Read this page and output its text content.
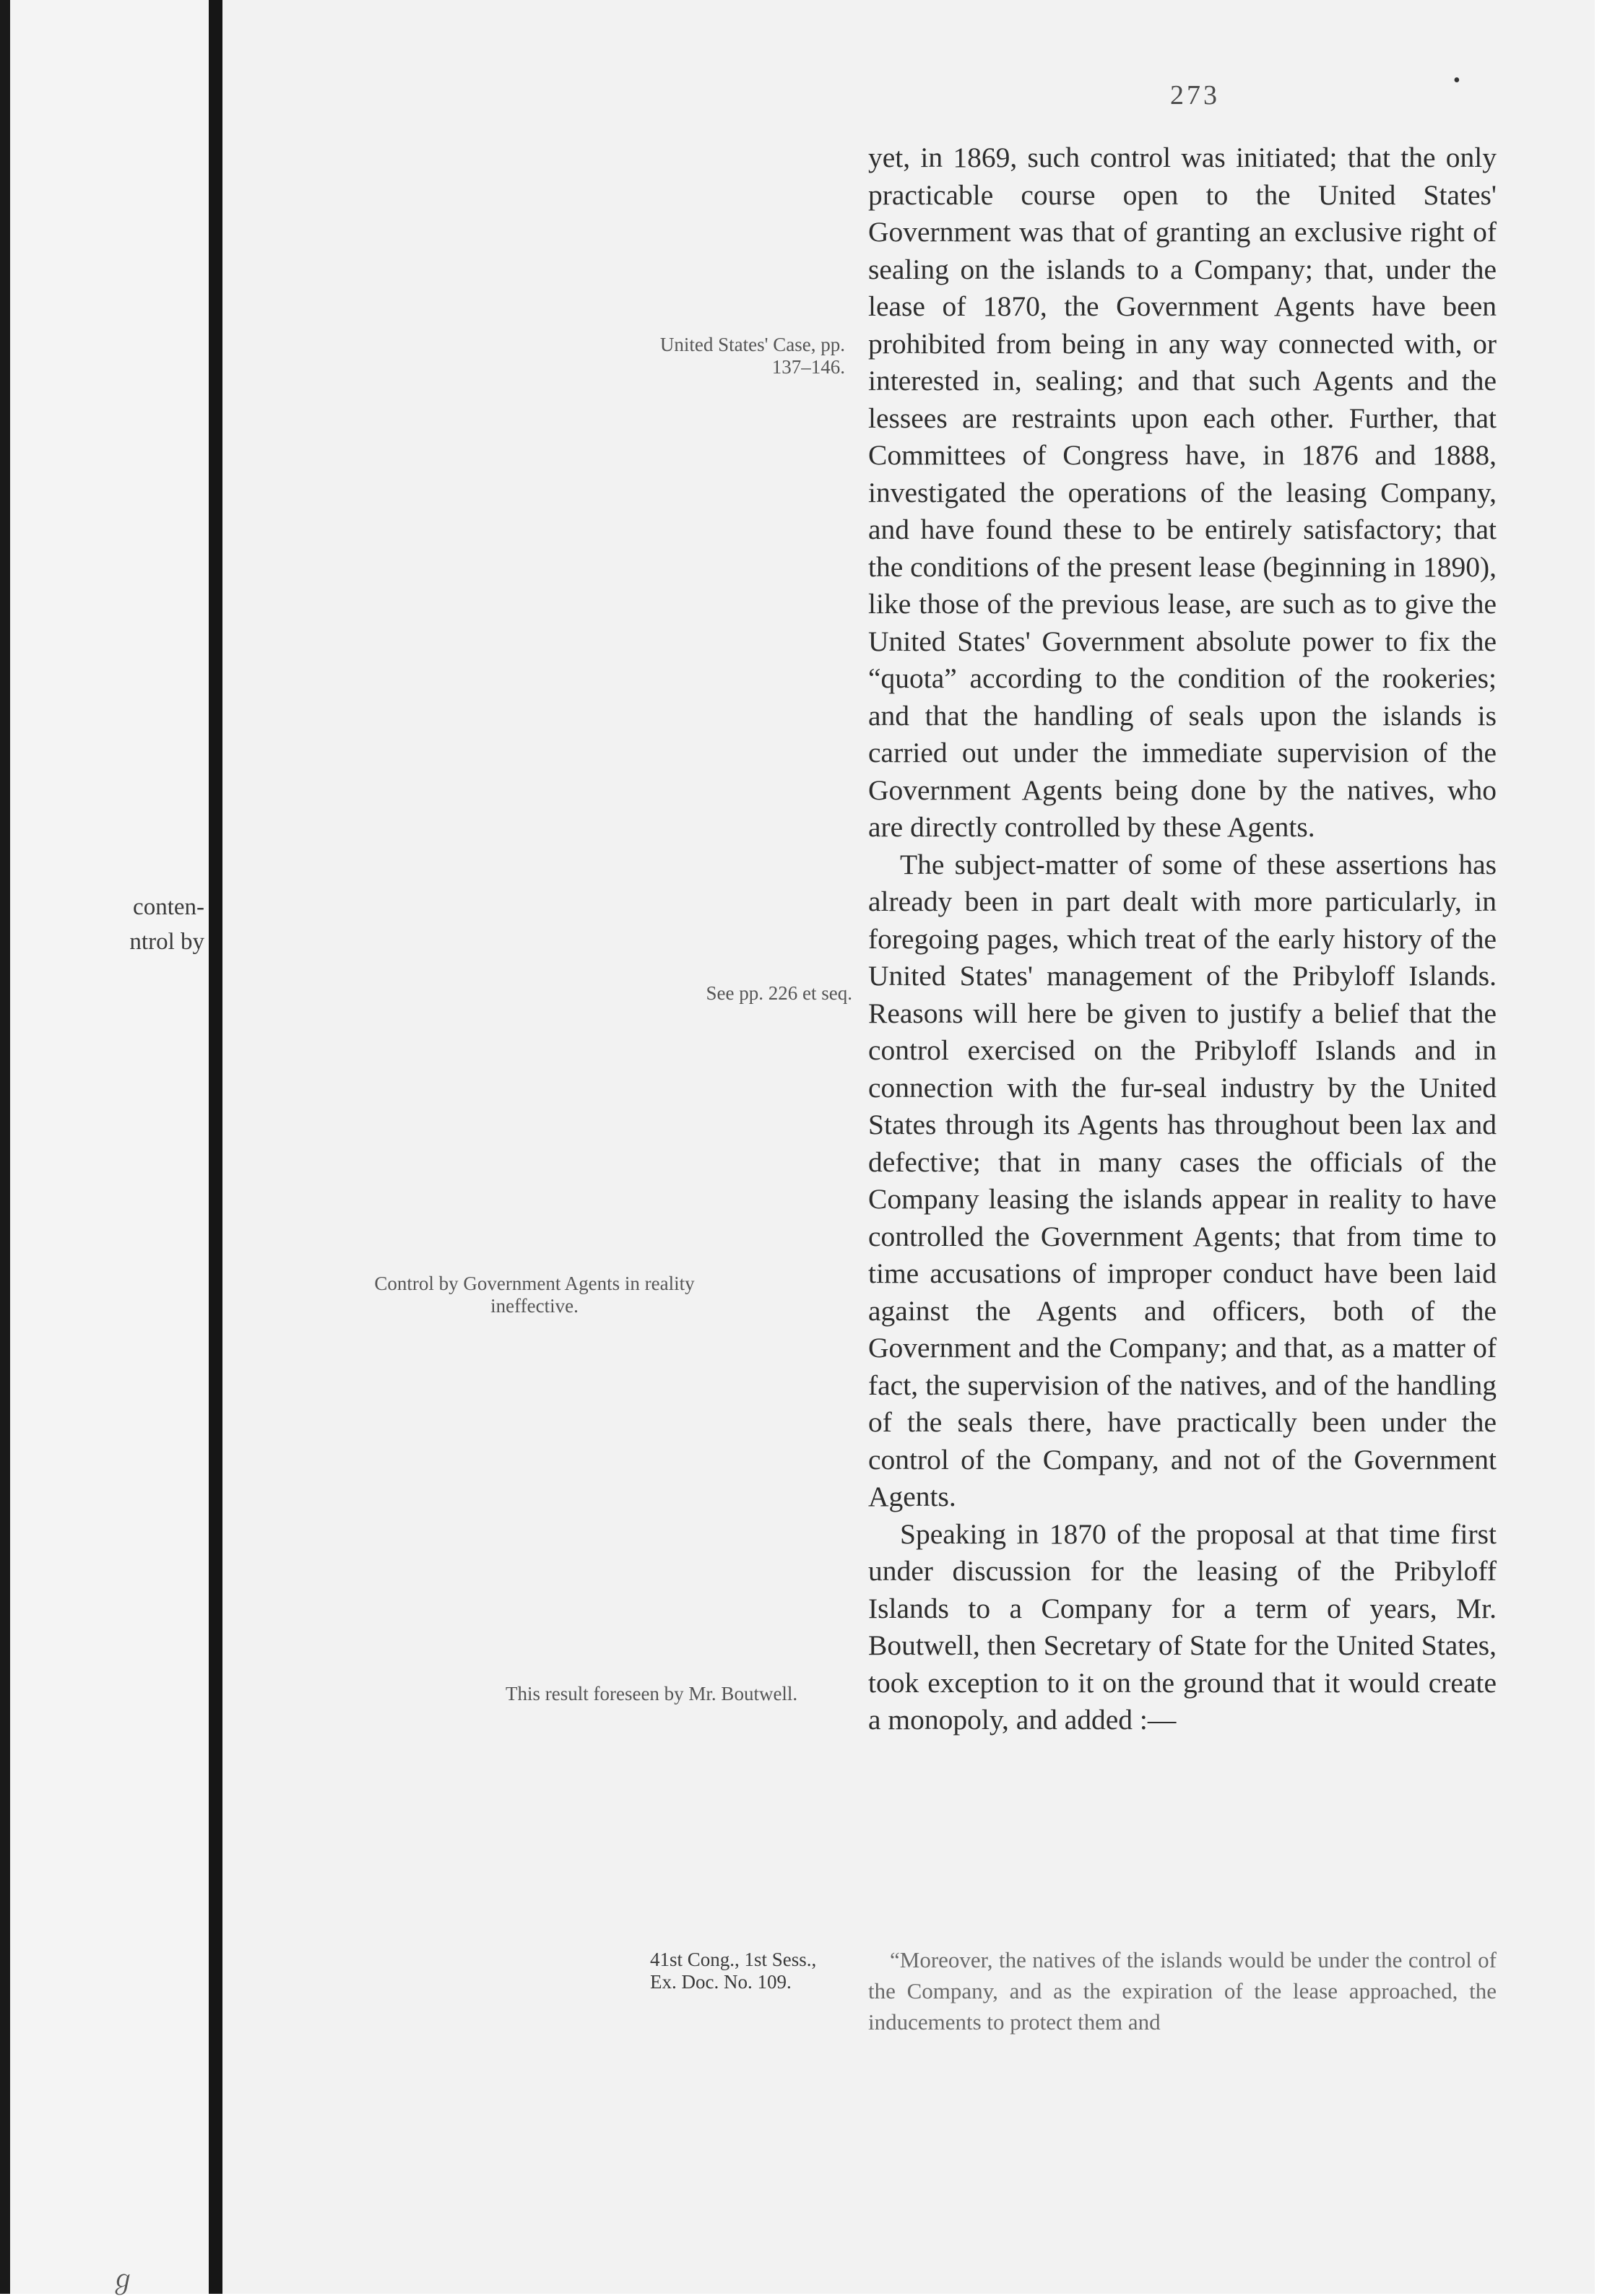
conten-
ntrol by
ℊ
273	•
United States' Case, pp. 137–146.
See pp. 226 et seq.
Control by Government Agents in reality ineffective.
This result foreseen by Mr. Boutwell.
41st Cong., 1st Sess., Ex. Doc. No. 109.

yet, in 1869, such control was initiated; that the only practicable course open to the United States' Government was that of granting an exclusive right of sealing on the islands to a Company; that, under the lease of 1870, the Government Agents have been prohibited from being in any way connected with, or interested in, sealing; and that such Agents and the lessees are restraints upon each other. Further, that Committees of Congress have, in 1876 and 1888, investigated the operations of the leasing Company, and have found these to be entirely satisfactory; that the conditions of the present lease (beginning in 1890), like those of the previous lease, are such as to give the United States' Government absolute power to fix the “quota” according to the condition of the rookeries; and that the handling of seals upon the islands is carried out under the immediate supervision of the Government Agents being done by the natives, who are directly controlled by these Agents.

The subject-matter of some of these assertions has already been in part dealt with more particularly, in foregoing pages, which treat of the early history of the United States' management of the Pribyloff Islands. Reasons will here be given to justify a belief that the control exercised on the Pribyloff Islands and in connection with the fur-seal industry by the United States through its Agents has throughout been lax and defective; that in many cases the officials of the Company leasing the islands appear in reality to have controlled the Government Agents; that from time to time accusations of improper conduct have been laid against the Agents and officers, both of the Government and the Company; and that, as a matter of fact, the supervision of the natives, and of the handling of the seals there, have practically been under the control of the Company, and not of the Government Agents.

Speaking in 1870 of the proposal at that time first under discussion for the leasing of the Pribyloff Islands to a Company for a term of years, Mr. Boutwell, then Secretary of State for the United States, took exception to it on the ground that it would create a monopoly, and added :—

“Moreover, the natives of the islands would be under the control of the Company, and as the expiration of the lease approached, the inducements to protect them and
